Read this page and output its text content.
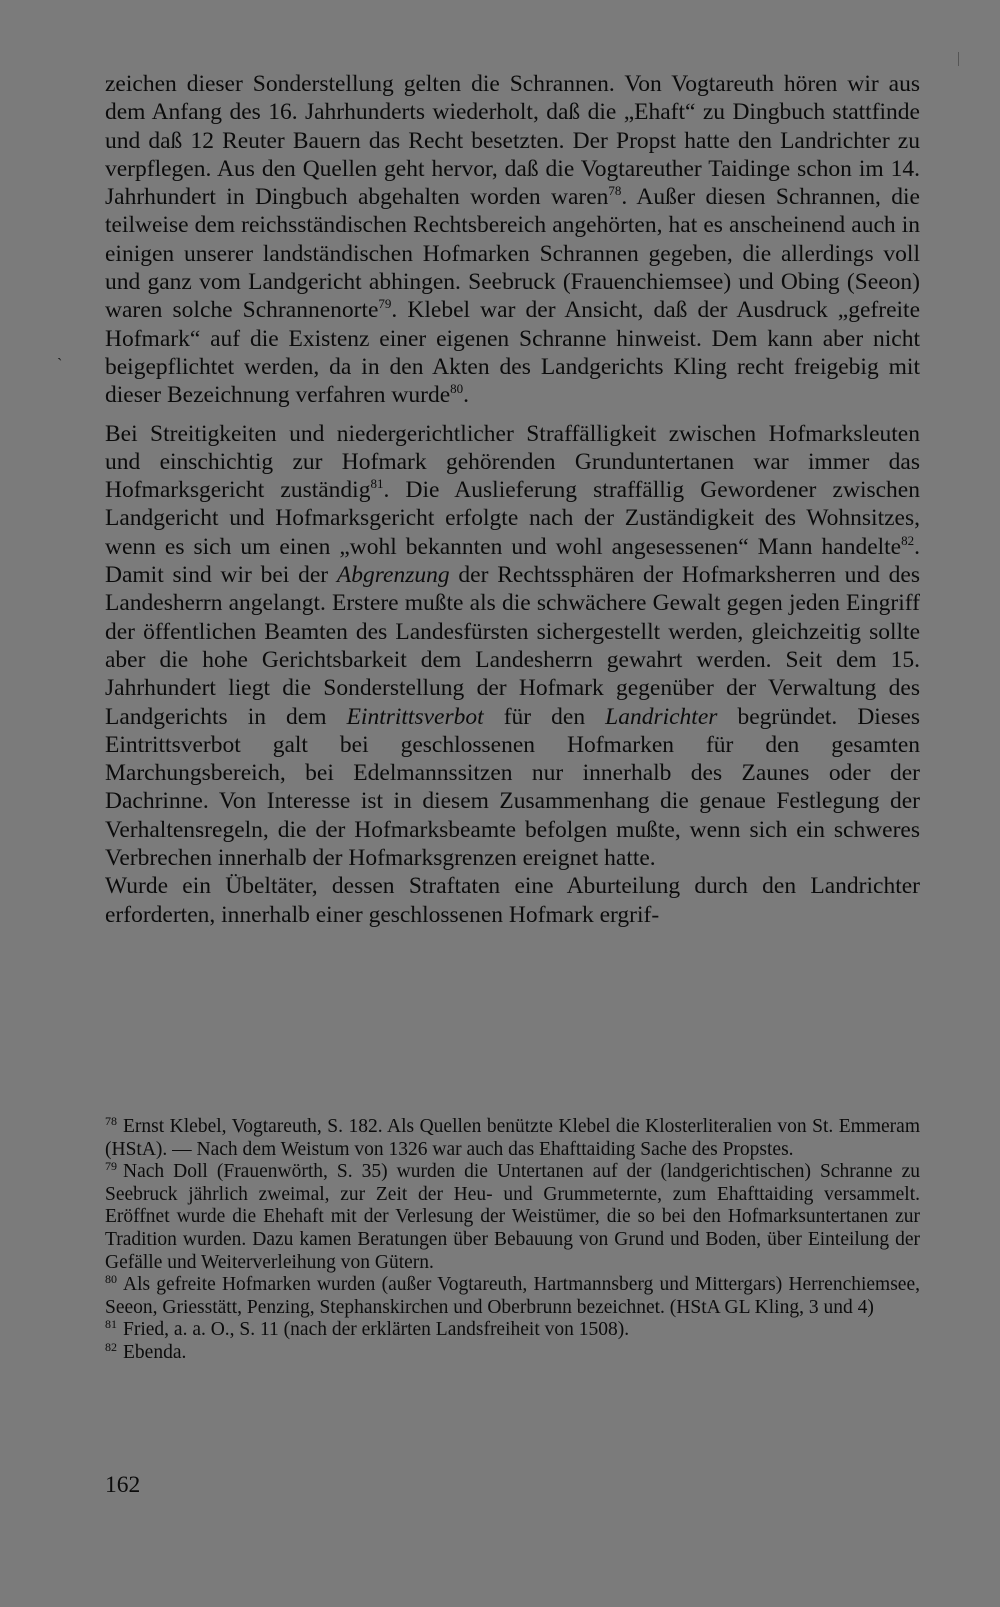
ˋ

zeichen dieser Sonderstellung gelten die Schrannen. Von Vogtareuth hören wir aus dem Anfang des 16. Jahrhunderts wiederholt, daß die „Ehaft“ zu Dingbuch stattfinde und daß 12 Reuter Bauern das Recht besetzten. Der Propst hatte den Landrichter zu verpflegen. Aus den Quellen geht hervor, daß die Vogtareuther Taidinge schon im 14. Jahrhundert in Dingbuch abgehalten worden waren$^{78}$. Außer diesen Schrannen, die teilweise dem reichsständischen Rechtsbereich angehörten, hat es anscheinend auch in einigen unserer landständischen Hofmarken Schrannen gegeben, die allerdings voll und ganz vom Landgericht abhingen. Seebruck (Frauenchiemsee) und Obing (Seeon) waren solche Schrannenorte$^{79}$. Klebel war der Ansicht, daß der Ausdruck „gefreite Hofmark“ auf die Existenz einer eigenen Schranne hinweist. Dem kann aber nicht beigepflichtet werden, da in den Akten des Landgerichts Kling recht freigebig mit dieser Bezeichnung verfahren wurde$^{80}$.

Bei Streitigkeiten und niedergerichtlicher Straffälligkeit zwischen Hofmarksleuten und einschichtig zur Hofmark gehörenden Grunduntertanen war immer das Hofmarksgericht zuständig$^{81}$. Die Auslieferung straffällig Gewordener zwischen Landgericht und Hofmarksgericht erfolgte nach der Zuständigkeit des Wohnsitzes, wenn es sich um einen „wohl bekannten und wohl angesessenen“ Mann handelte$^{82}$. Damit sind wir bei der Abgrenzung der Rechtssphären der Hofmarksherren und des Landesherrn angelangt. Erstere mußte als die schwächere Gewalt gegen jeden Eingriff der öffentlichen Beamten des Landesfürsten sichergestellt werden, gleichzeitig sollte aber die hohe Gerichtsbarkeit dem Landesherrn gewahrt werden. Seit dem 15. Jahrhundert liegt die Sonderstellung der Hofmark gegenüber der Verwaltung des Landgerichts in dem Eintrittsverbot für den Landrichter begründet. Dieses Eintrittsverbot galt bei geschlossenen Hofmarken für den gesamten Marchungsbereich, bei Edelmannssitzen nur innerhalb des Zaunes oder der Dachrinne. Von Interesse ist in diesem Zusammenhang die genaue Festlegung der Verhaltensregeln, die der Hofmarksbeamte befolgen mußte, wenn sich ein schweres Verbrechen innerhalb der Hofmarksgrenzen ereignet hatte.

Wurde ein Übeltäter, dessen Straftaten eine Aburteilung durch den Landrichter erforderten, innerhalb einer geschlossenen Hofmark ergrif-

$^{78}$ Ernst Klebel, Vogtareuth, S. 182. Als Quellen benützte Klebel die Klosterliteralien von St. Emmeram (HStA). — Nach dem Weistum von 1326 war auch das Ehafttaiding Sache des Propstes.

$^{79}$ Nach Doll (Frauenwörth, S. 35) wurden die Untertanen auf der (landgerichtischen) Schranne zu Seebruck jährlich zweimal, zur Zeit der Heu- und Grummeternte, zum Ehafttaiding versammelt. Eröffnet wurde die Ehehaft mit der Verlesung der Weistümer, die so bei den Hofmarksuntertanen zur Tradition wurden. Dazu kamen Beratungen über Bebauung von Grund und Boden, über Einteilung der Gefälle und Weiterverleihung von Gütern.

$^{80}$ Als gefreite Hofmarken wurden (außer Vogtareuth, Hartmannsberg und Mittergars) Herrenchiemsee, Seeon, Griesstätt, Penzing, Stephanskirchen und Oberbrunn bezeichnet. (HStA GL Kling, 3 und 4)

$^{81}$ Fried, a. a. O., S. 11 (nach der erklärten Landsfreiheit von 1508).

$^{82}$ Ebenda.

162
